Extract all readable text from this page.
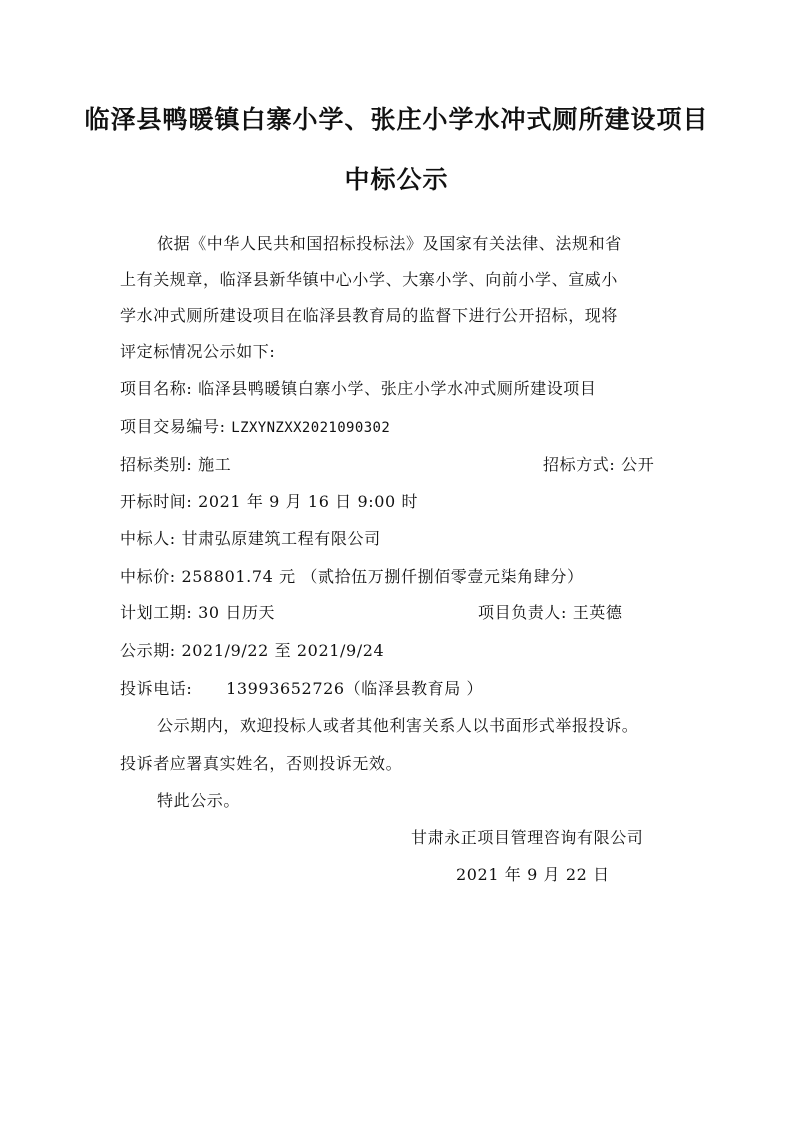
临泽县鸭暖镇白寨小学、张庄小学水冲式厕所建设项目
中标公示
依据《中华人民共和国招标投标法》及国家有关法律、法规和省
上有关规章，临泽县新华镇中心小学、大寨小学、向前小学、宣威小
学水冲式厕所建设项目在临泽县教育局的监督下进行公开招标，现将
评定标情况公示如下:
项目名称: 临泽县鸭暖镇白寨小学、张庄小学水冲式厕所建设项目
项目交易编号: LZXYNZXX2021090302
招标类别: 施工	招标方式: 公开
开标时间: 2021 年 9 月 16 日 9:00 时
中标人: 甘肃弘原建筑工程有限公司
中标价: 258801.74 元 （贰拾伍万捌仟捌佰零壹元柒角肆分）
计划工期: 30 日历天	项目负责人: 王英德
公示期: 2021/9/22 至 2021/9/24
投诉电话: 13993652726（临泽县教育局 ）
公示期内，欢迎投标人或者其他利害关系人以书面形式举报投诉。
投诉者应署真实姓名，否则投诉无效。
特此公示。
甘肃永正项目管理咨询有限公司
2021 年 9 月 22 日
